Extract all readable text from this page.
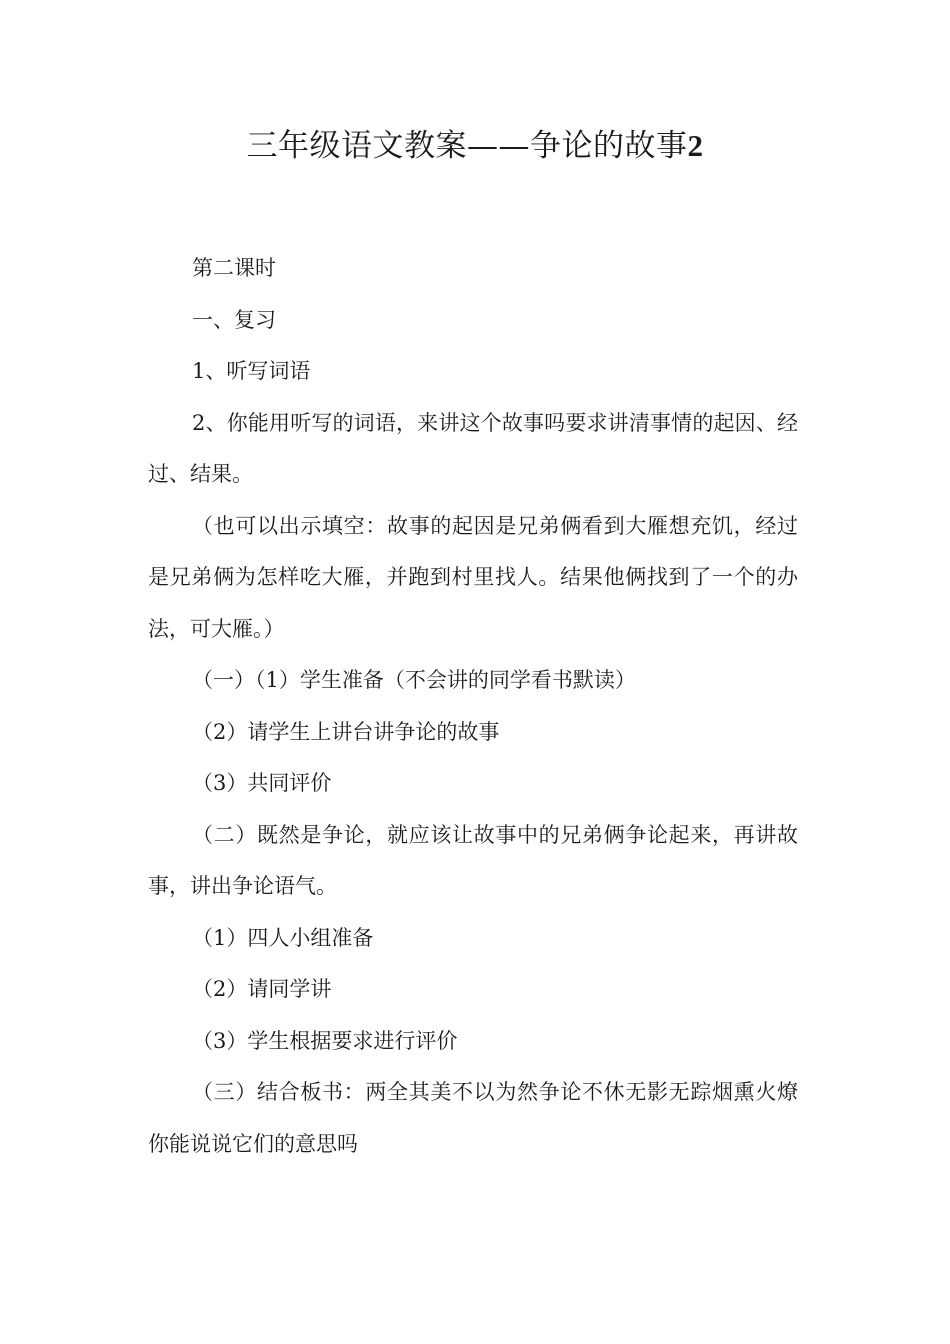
三年级语文教案——争论的故事2

第二课时

一、复习

1、听写词语

2、你能用听写的词语，来讲这个故事吗要求讲清事情的起因、经过、结果。

（也可以出示填空：故事的起因是兄弟俩看到大雁想充饥，经过是兄弟俩为怎样吃大雁，并跑到村里找人。结果他俩找到了一个的办法，可大雁。）

（一）（1）学生准备（不会讲的同学看书默读）

（2）请学生上讲台讲争论的故事

（3）共同评价

（二）既然是争论，就应该让故事中的兄弟俩争论起来，再讲故事，讲出争论语气。

（1）四人小组准备

（2）请同学讲

（3）学生根据要求进行评价

（三）结合板书：两全其美不以为然争论不休无影无踪烟熏火燎你能说说它们的意思吗
